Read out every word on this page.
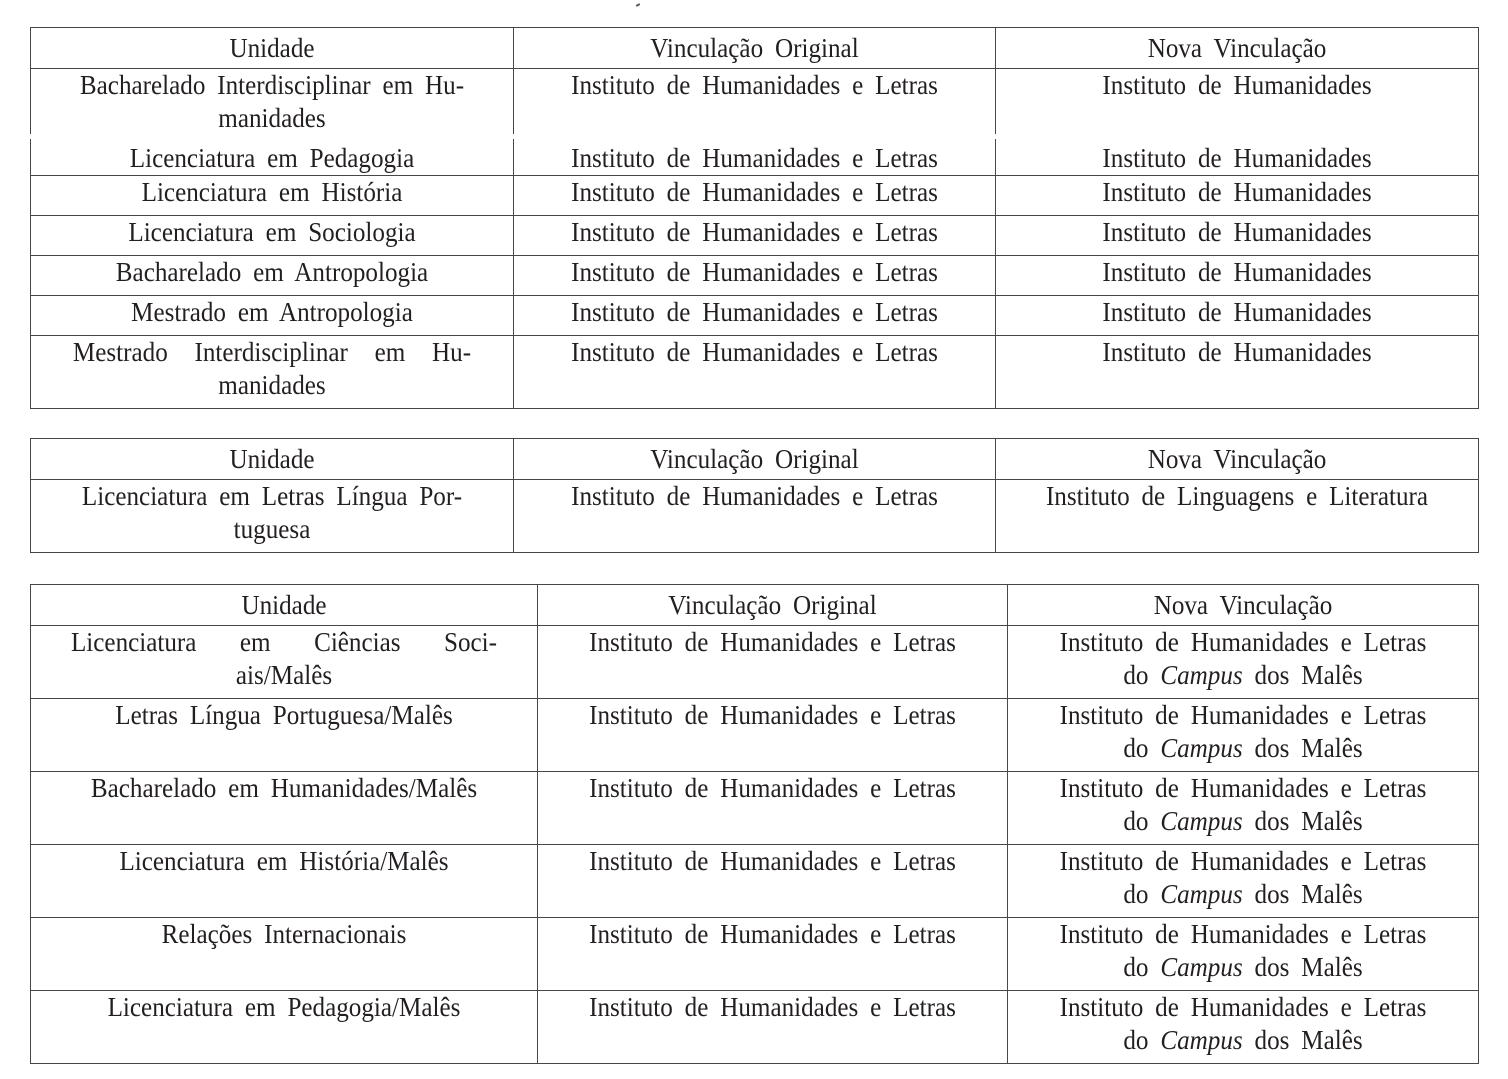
Unidade	Vinculação Original	Nova Vinculação

Bacharelado Interdisciplinar em Hu-
manidades	Instituto de Humanidades e Letras	Instituto de Humanidades

Licenciatura em Pedagogia	Instituto de Humanidades e Letras	Instituto de Humanidades

Licenciatura em História	Instituto de Humanidades e Letras	Instituto de Humanidades

Licenciatura em Sociologia	Instituto de Humanidades e Letras	Instituto de Humanidades

Bacharelado em Antropologia	Instituto de Humanidades e Letras	Instituto de Humanidades

Mestrado em Antropologia	Instituto de Humanidades e Letras	Instituto de Humanidades

Mestrado Interdisciplinar em Hu-
manidades	Instituto de Humanidades e Letras	Instituto de Humanidades
Unidade	Vinculação Original	Nova Vinculação

Licenciatura em Letras Língua Por-
tuguesa	Instituto de Humanidades e Letras	Instituto de Linguagens e Literatura
Unidade	Vinculação Original	Nova Vinculação

Licenciatura em Ciências Soci-
ais/Malês	Instituto de Humanidades e Letras	Instituto de Humanidades e Letras
do Campus dos Malês

Letras Língua Portuguesa/Malês	Instituto de Humanidades e Letras	Instituto de Humanidades e Letras
do Campus dos Malês

Bacharelado em Humanidades/Malês	Instituto de Humanidades e Letras	Instituto de Humanidades e Letras
do Campus dos Malês

Licenciatura em História/Malês	Instituto de Humanidades e Letras	Instituto de Humanidades e Letras
do Campus dos Malês

Relações Internacionais	Instituto de Humanidades e Letras	Instituto de Humanidades e Letras
do Campus dos Malês

Licenciatura em Pedagogia/Malês	Instituto de Humanidades e Letras	Instituto de Humanidades e Letras
do Campus dos Malês
